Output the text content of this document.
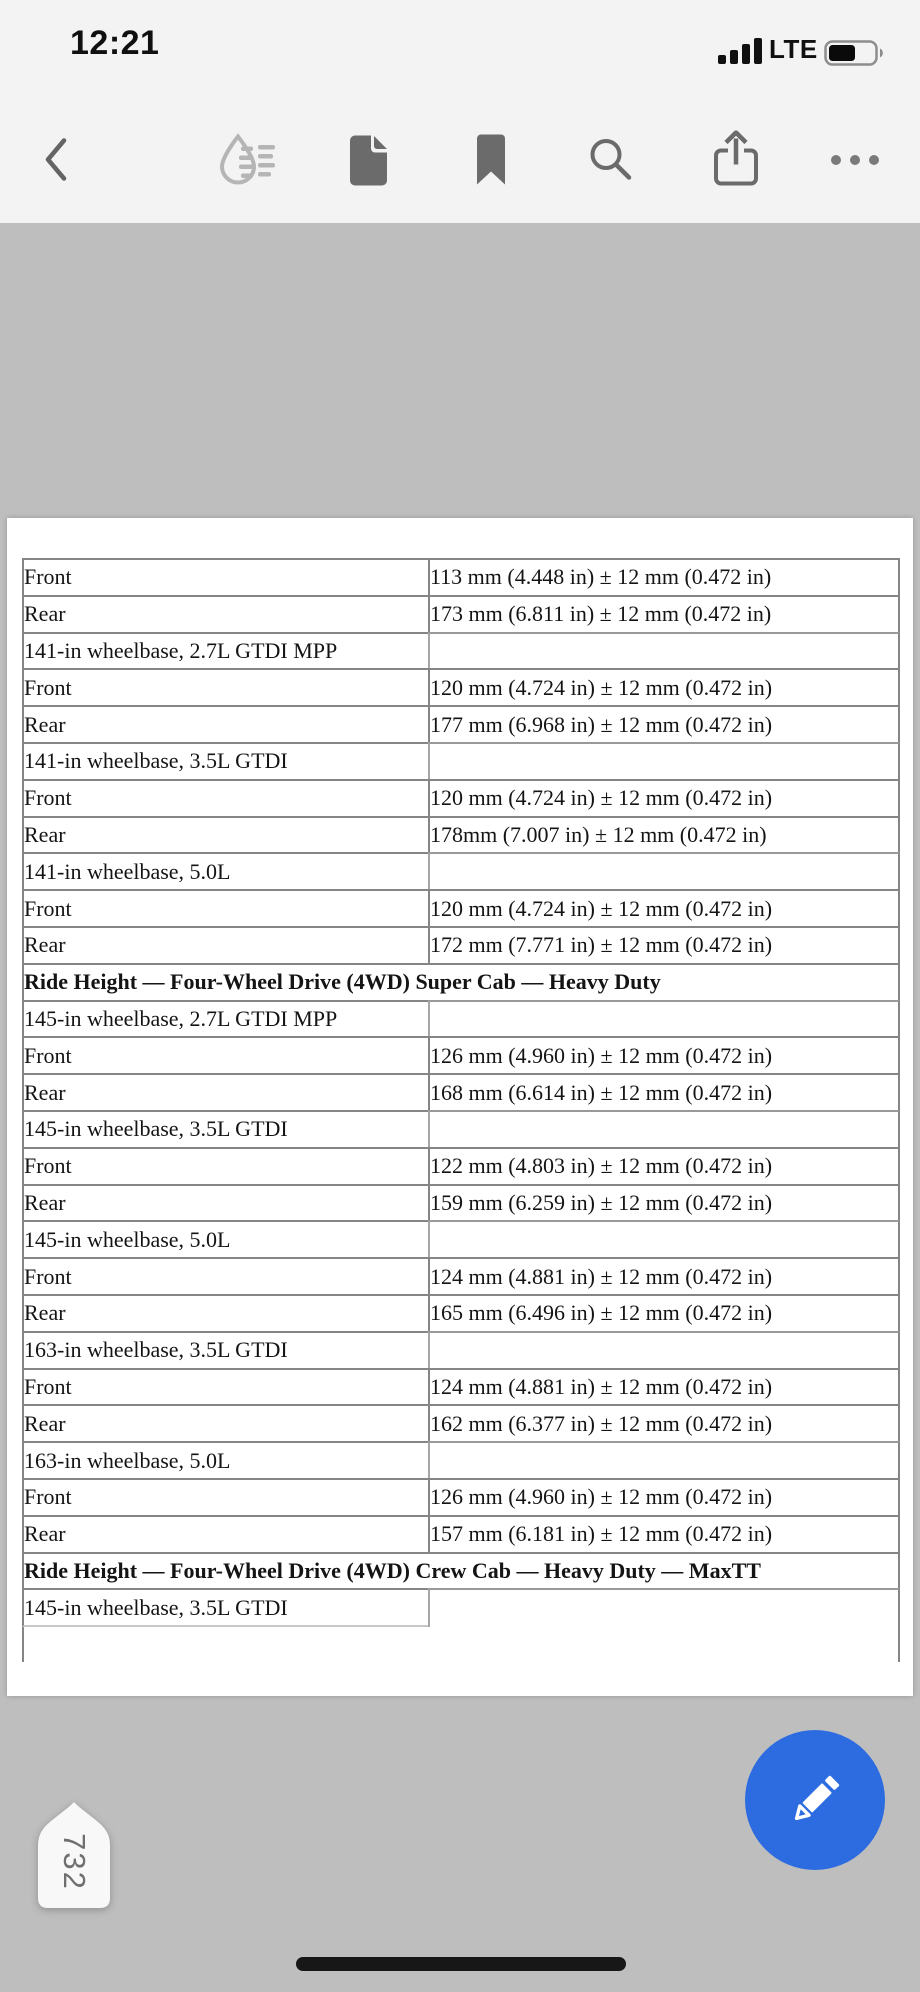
12:21	LTE
Front	113 mm (4.448 in) ± 12 mm (0.472 in)
Rear	173 mm (6.811 in) ± 12 mm (0.472 in)
141-in wheelbase, 2.7L GTDI MPP	
Front	120 mm (4.724 in) ± 12 mm (0.472 in)
Rear	177 mm (6.968 in) ± 12 mm (0.472 in)
141-in wheelbase, 3.5L GTDI	
Front	120 mm (4.724 in) ± 12 mm (0.472 in)
Rear	178mm (7.007 in) ± 12 mm (0.472 in)
141-in wheelbase, 5.0L	
Front	120 mm (4.724 in) ± 12 mm (0.472 in)
Rear	172 mm (7.771 in) ± 12 mm (0.472 in)
Ride Height — Four-Wheel Drive (4WD) Super Cab — Heavy Duty	
145-in wheelbase, 2.7L GTDI MPP	
Front	126 mm (4.960 in) ± 12 mm (0.472 in)
Rear	168 mm (6.614 in) ± 12 mm (0.472 in)
145-in wheelbase, 3.5L GTDI	
Front	122 mm (4.803 in) ± 12 mm (0.472 in)
Rear	159 mm (6.259 in) ± 12 mm (0.472 in)
145-in wheelbase, 5.0L	
Front	124 mm (4.881 in) ± 12 mm (0.472 in)
Rear	165 mm (6.496 in) ± 12 mm (0.472 in)
163-in wheelbase, 3.5L GTDI	
Front	124 mm (4.881 in) ± 12 mm (0.472 in)
Rear	162 mm (6.377 in) ± 12 mm (0.472 in)
163-in wheelbase, 5.0L	
Front	126 mm (4.960 in) ± 12 mm (0.472 in)
Rear	157 mm (6.181 in) ± 12 mm (0.472 in)
Ride Height — Four-Wheel Drive (4WD) Crew Cab — Heavy Duty — MaxTT	
145-in wheelbase, 3.5L GTDI	

732
